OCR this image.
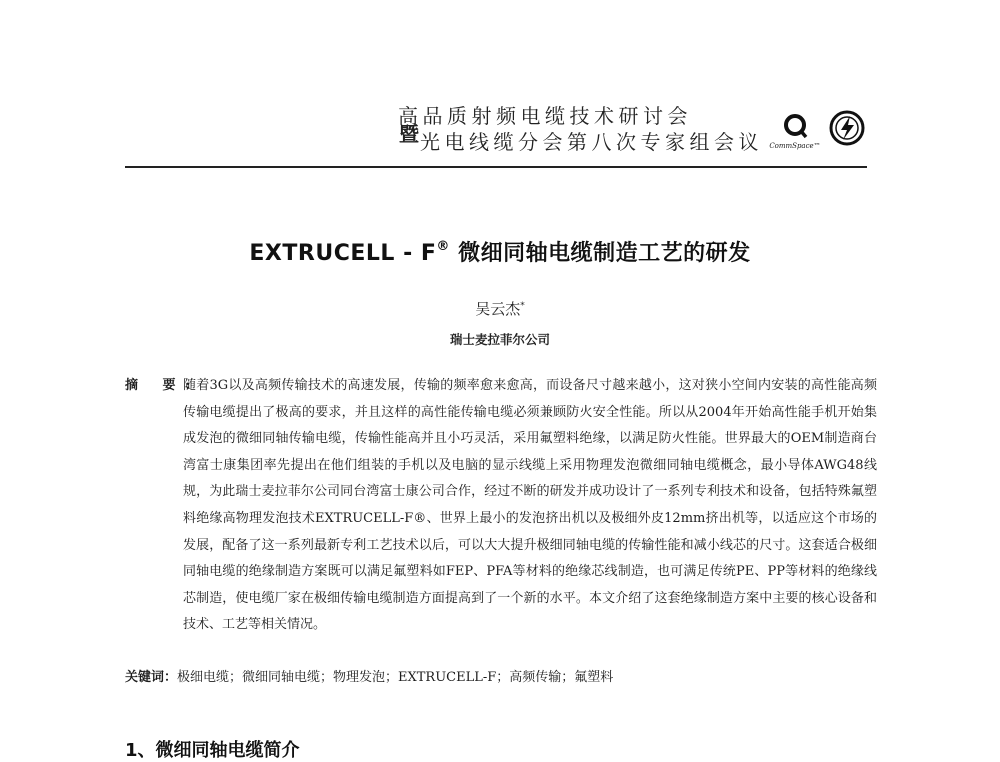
高品质射频电缆技术研讨会
光电线缆分会第八次专家组会议
暨	CommSpace™
EXTRUCELL - F® 微细同轴电缆制造工艺的研发
吴云杰*
瑞士麦拉菲尔公司
摘 要:
随着3G以及高频传输技术的高速发展，传输的频率愈来愈高，而设备尺寸越来越小，这对狭小空间内安装的高性能高频传输电缆提出了极高的要求，并且这样的高性能传输电缆必须兼顾防火安全性能。所以从2004年开始高性能手机开始集成发泡的微细同轴传输电缆，传输性能高并且小巧灵活，采用氟塑料绝缘，以满足防火性能。世界最大的OEM制造商台湾富士康集团率先提出在他们组装的手机以及电脑的显示线缆上采用物理发泡微细同轴电缆概念，最小导体AWG48线规，为此瑞士麦拉菲尔公司同台湾富士康公司合作，经过不断的研发并成功设计了一系列专利技术和设备，包括特殊氟塑料绝缘高物理发泡技术EXTRUCELL-F®、世界上最小的发泡挤出机以及极细外皮12mm挤出机等，以适应这个市场的发展，配备了这一系列最新专利工艺技术以后，可以大大提升极细同轴电缆的传输性能和减小线芯的尺寸。这套适合极细同轴电缆的绝缘制造方案既可以满足氟塑料如FEP、PFA等材料的绝缘芯线制造，也可满足传统PE、PP等材料的绝缘线芯制造，使电缆厂家在极细传输电缆制造方面提高到了一个新的水平。本文介绍了这套绝缘制造方案中主要的核心设备和技术、工艺等相关情况。
关键词：极细电缆；微细同轴电缆；物理发泡；EXTRUCELL-F；高频传输；氟塑料
1、微细同轴电缆简介
